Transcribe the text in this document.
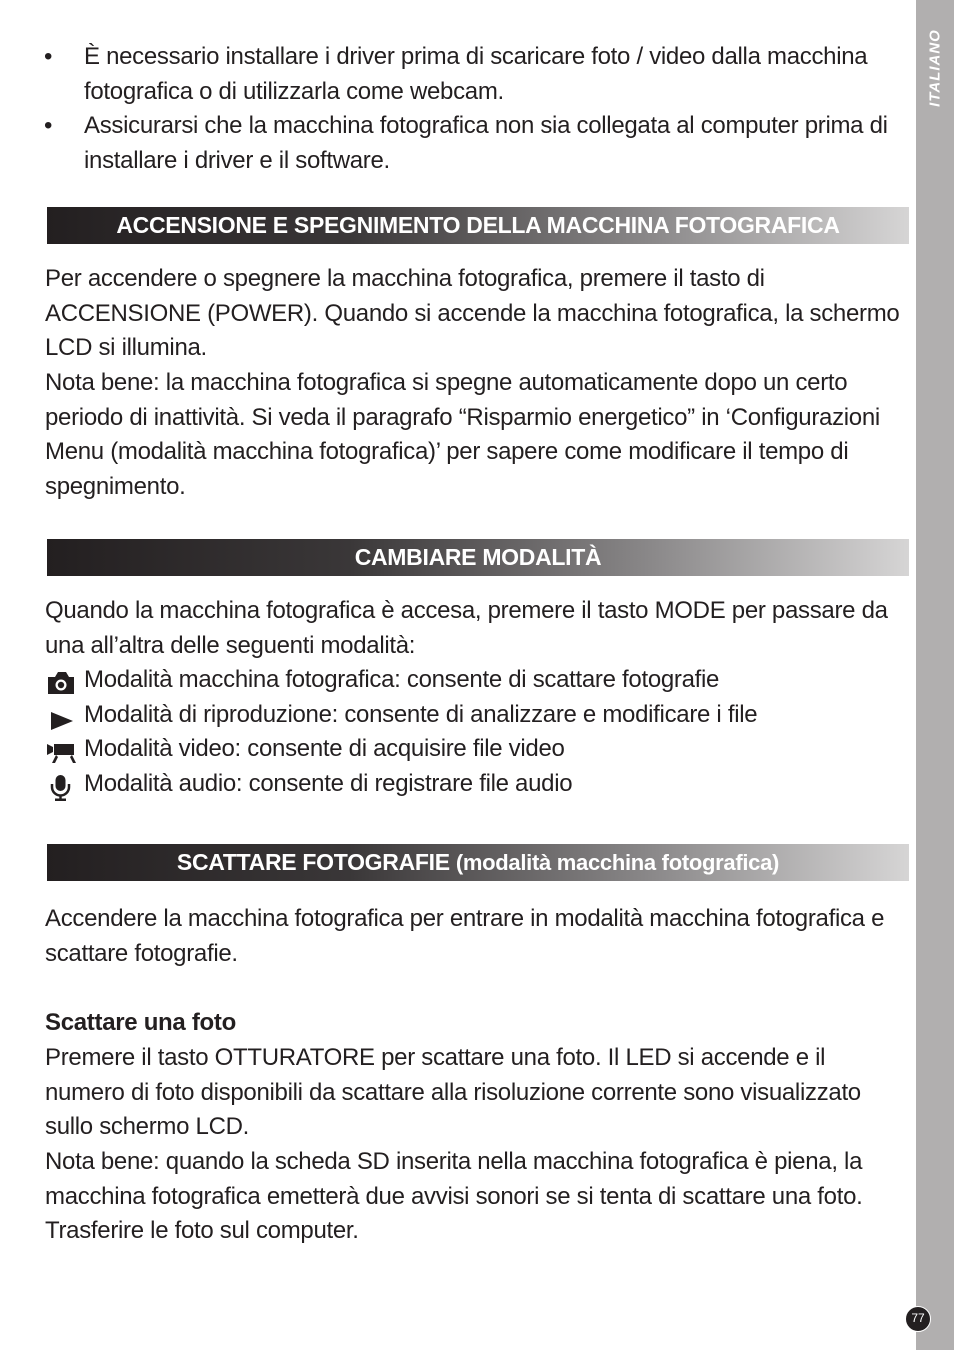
ITALIANO
• È necessario installare i driver prima di scaricare foto / video dalla macchina fotografica o di utilizzarla come webcam.
• Assicurarsi che la macchina fotografica non sia collegata al computer prima di installare i driver e il software.
ACCENSIONE E SPEGNIMENTO DELLA MACCHINA FOTOGRAFICA

Per accendere o spegnere la macchina fotografica, premere il tasto di ACCENSIONE (POWER). Quando si accende la macchina fotografica, la schermo LCD si illumina.

Nota bene: la macchina fotografica si spegne automaticamente dopo un certo periodo di inattività. Si veda il paragrafo “Risparmio energetico” in ‘Configurazioni Menu (modalità macchina fotografica)’ per sapere come modificare il tempo di spegnimento.

CAMBIARE MODALITÀ

Quando la macchina fotografica è accesa, premere il tasto MODE per passare da una all’altra delle seguenti modalità:

Modalità macchina fotografica: consente di scattare fotografie
Modalità di riproduzione: consente di analizzare e modificare i file
Modalità video: consente di acquisire file video
Modalità audio: consente di registrare file audio
SCATTARE FOTOGRAFIE (modalità macchina fotografica)

Accendere la macchina fotografica per entrare in modalità macchina fotografica e scattare fotografie.

Scattare una foto

Premere il tasto OTTURATORE per scattare una foto. Il LED si accende e il numero di foto disponibili da scattare alla risoluzione corrente sono visualizzato sullo schermo LCD.

Nota bene: quando la scheda SD inserita nella macchina fotografica è piena, la macchina fotografica emetterà due avvisi sonori se si tenta di scattare una foto. Trasferire le foto sul computer.

77
